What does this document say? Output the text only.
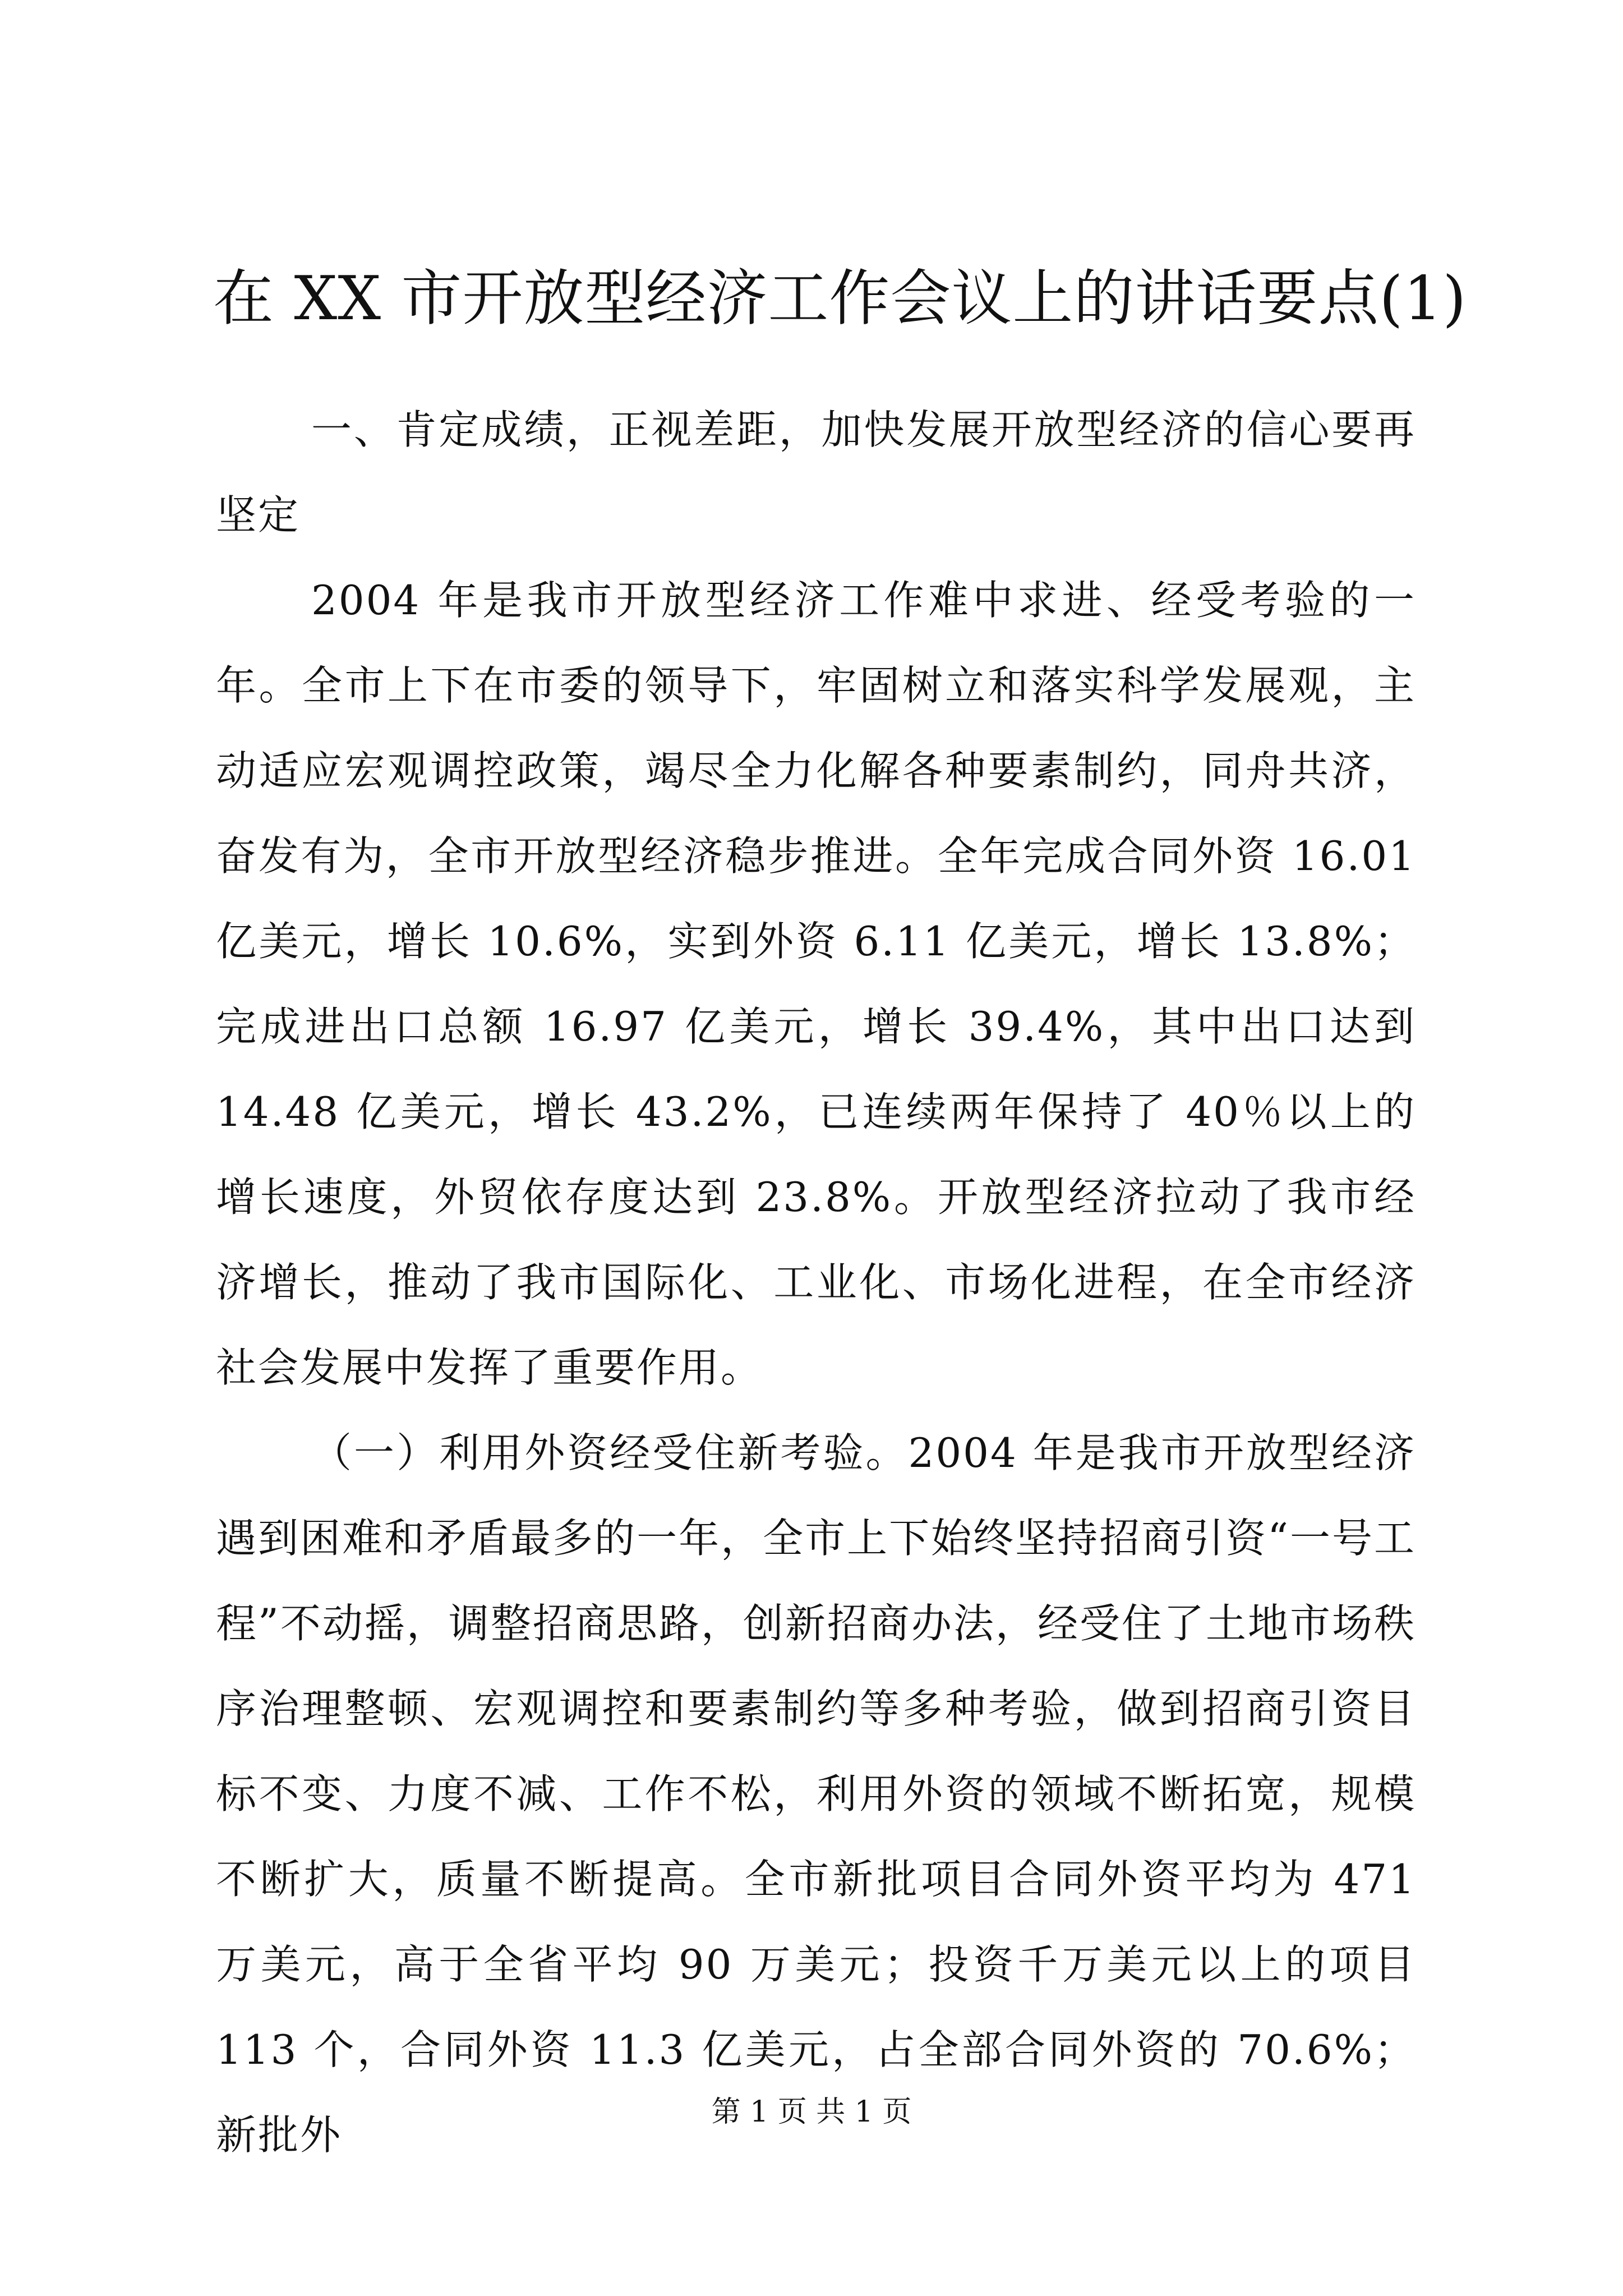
在 XX 市开放型经济工作会议上的讲话要点(1)

一、肯定成绩，正视差距，加快发展开放型经济的信心要再坚定

2004 年是我市开放型经济工作难中求进、经受考验的一年。全市上下在市委的领导下，牢固树立和落实科学发展观，主动适应宏观调控政策，竭尽全力化解各种要素制约，同舟共济，奋发有为，全市开放型经济稳步推进。全年完成合同外资 16.01 亿美元，增长 10.6%，实到外资 6.11 亿美元，增长 13.8%；完成进出口总额 16.97 亿美元，增长 39.4%，其中出口达到 14.48 亿美元，增长 43.2%，已连续两年保持了 40％以上的增长速度，外贸依存度达到 23.8%。开放型经济拉动了我市经济增长，推动了我市国际化、工业化、市场化进程，在全市经济社会发展中发挥了重要作用。

（一）利用外资经受住新考验。2004 年是我市开放型经济遇到困难和矛盾最多的一年，全市上下始终坚持招商引资“一号工程”不动摇，调整招商思路，创新招商办法，经受住了土地市场秩序治理整顿、宏观调控和要素制约等多种考验，做到招商引资目标不变、力度不减、工作不松，利用外资的领域不断拓宽，规模不断扩大，质量不断提高。全市新批项目合同外资平均为 471 万美元，高于全省平均 90 万美元；投资千万美元以上的项目 113 个，合同外资 11.3 亿美元，占全部合同外资的 70.6%；新批外	第 1 页 共 1 页
